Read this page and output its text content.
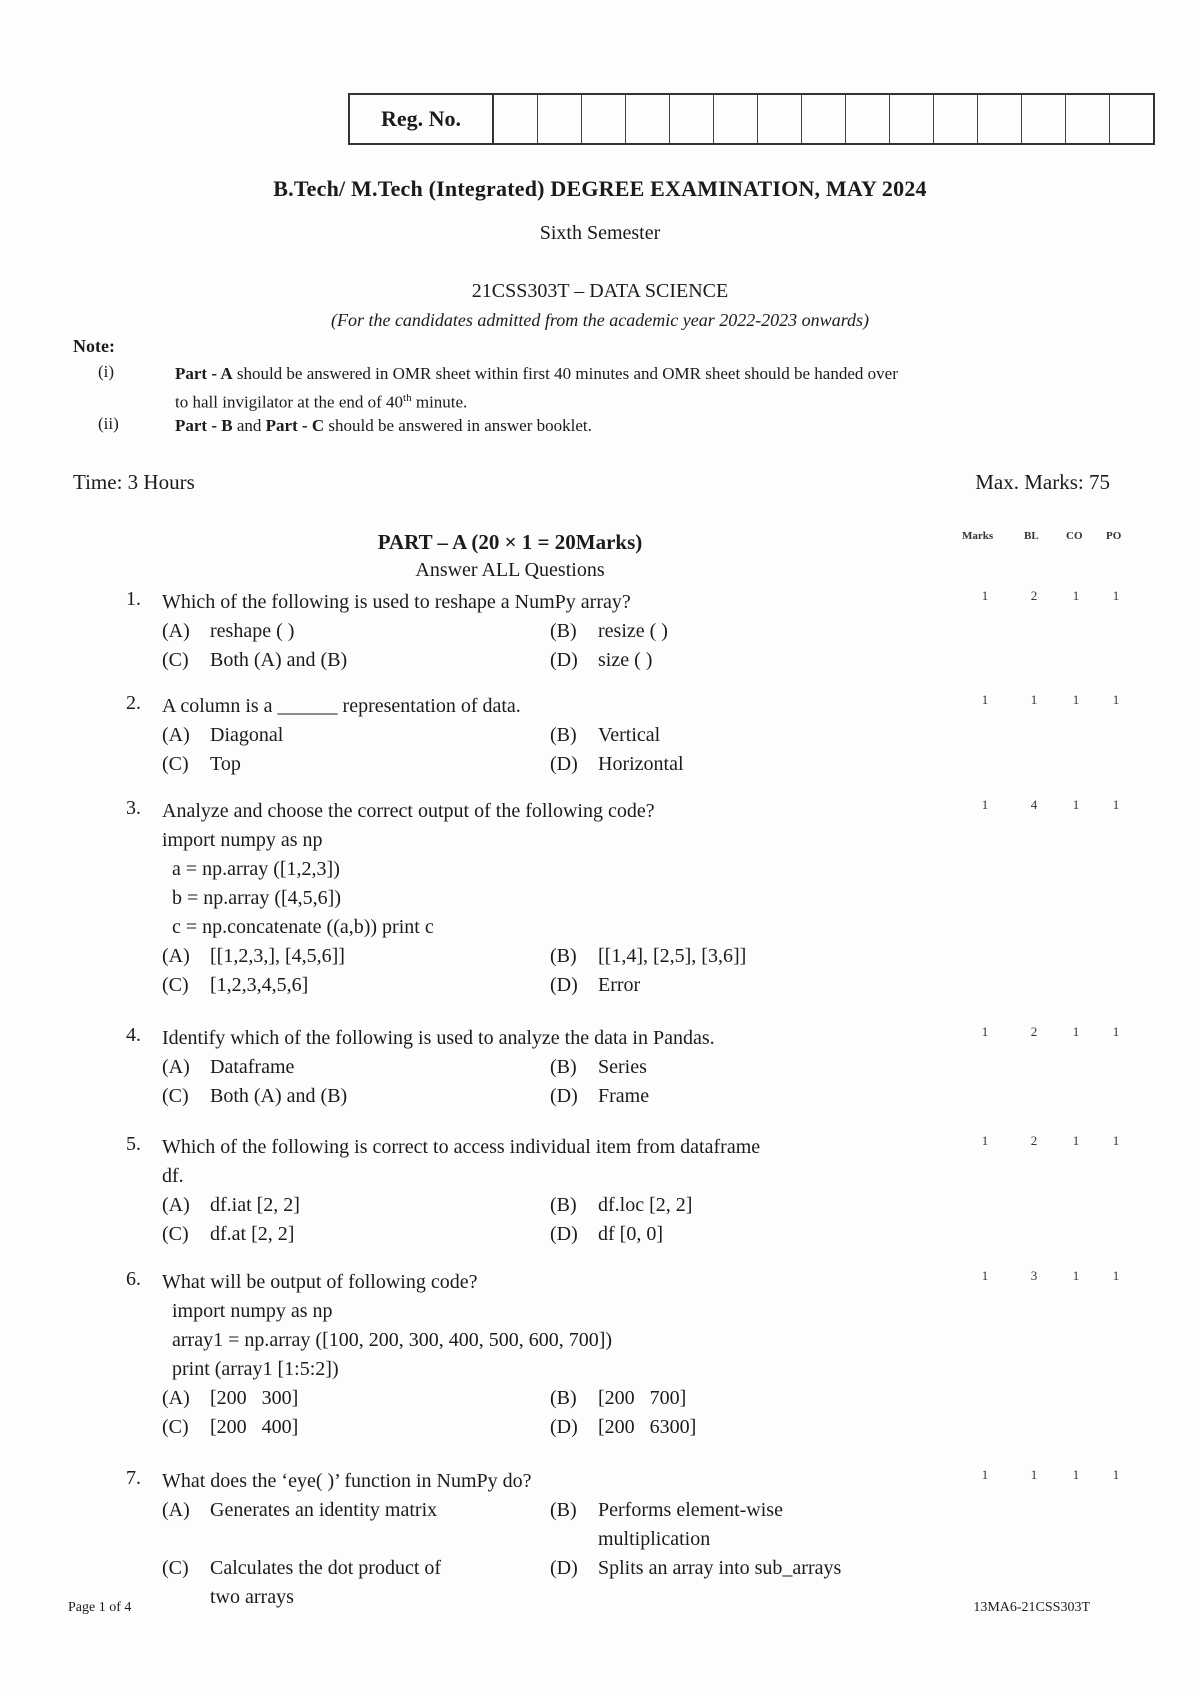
Reg. No.
B.Tech/ M.Tech (Integrated) DEGREE EXAMINATION, MAY 2024
Sixth Semester
21CSS303T – DATA SCIENCE
(For the candidates admitted from the academic year 2022-2023 onwards)
Note:
(i)	Part - A should be answered in OMR sheet within first 40 minutes and OMR sheet should be handed over
to hall invigilator at the end of 40th minute.
(ii)	Part - B and Part - C should be answered in answer booklet.
Time: 3 Hours	Max. Marks: 75
PART – A (20 × 1 = 20Marks)
Answer ALL Questions
Marks	BL CO PO
1. Which of the following is used to reshape a NumPy array?	1	2	1	1
(A) reshape ( )	(B) resize ( )
(C) Both (A) and (B)	(D) size ( )
2. A column is a ______ representation of data.	1	1	1	1
(A) Diagonal	(B) Vertical
(C) Top	(D) Horizontal
3. Analyze and choose the correct output of the following code?	1	4	1	1
import numpy as np
a = np.array ([1,2,3])
b = np.array ([4,5,6])
c = np.concatenate ((a,b)) print c
(A) [[1,2,3,], [4,5,6]]	(B) [[1,4], [2,5], [3,6]]
(C) [1,2,3,4,5,6]	(D) Error
4. Identify which of the following is used to analyze the data in Pandas.	1	2	1	1
(A) Dataframe	(B) Series
(C) Both (A) and (B)	(D) Frame
5. Which of the following is correct to access individual item from dataframe
df.
1	2	1	1
(A) df.iat [2, 2]	(B) df.loc [2, 2]
(C) df.at [2, 2]	(D) df [0, 0]
6. What will be output of following code?	1	3	1	1
import numpy as np
array1 = np.array ([100, 200, 300, 400, 500, 600, 700])
print (array1 [1:5:2])
(A) [200   300]	(B) [200   700]
(C) [200   400]	(D) [200   6300]
7. What does the ‘eye( )’ function in NumPy do?	1	1	1	1
(A) Generates an identity matrix	(B) Performs element-wise
multiplication
(C) Calculates the dot product of
two arrays
(D) Splits an array into sub_arrays
Page 1 of 4	13MA6-21CSS303T
